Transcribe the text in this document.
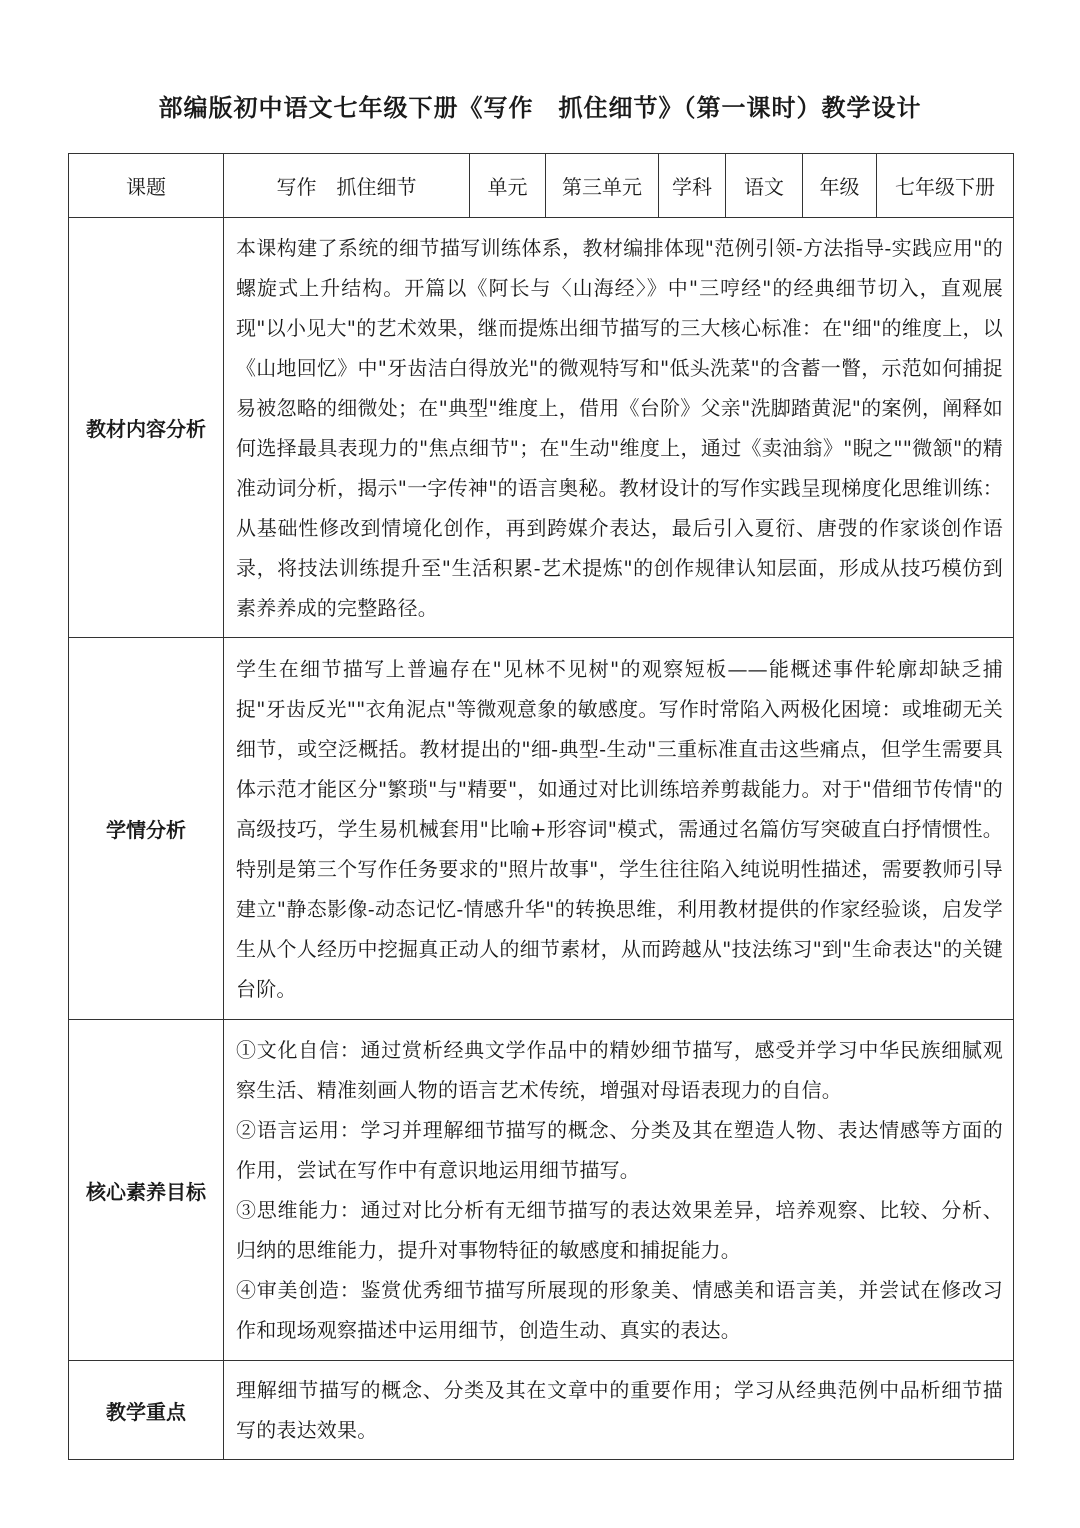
部编版初中语文七年级下册《写作　抓住细节》（第一课时）教学设计
课题	写作　抓住细节	单元	第三单元	学科	语文	年级	七年级下册
教材内容分析	本课构建了系统的细节描写训练体系，教材编排体现"范例引领-方法指导-实践应用"的螺旋式上升结构。开篇以《阿长与〈山海经〉》中"三哼经"的经典细节切入，直观展现"以小见大"的艺术效果，继而提炼出细节描写的三大核心标准：在"细"的维度上，以《山地回忆》中"牙齿洁白得放光"的微观特写和"低头洗菜"的含蓄一瞥，示范如何捕捉易被忽略的细微处；在"典型"维度上，借用《台阶》父亲"洗脚踏黄泥"的案例，阐释如何选择最具表现力的"焦点细节"；在"生动"维度上，通过《卖油翁》"睨之""微颔"的精准动词分析，揭示"一字传神"的语言奥秘。教材设计的写作实践呈现梯度化思维训练：从基础性修改到情境化创作，再到跨媒介表达，最后引入夏衍、唐弢的作家谈创作语录，将技法训练提升至"生活积累-艺术提炼"的创作规律认知层面，形成从技巧模仿到素养养成的完整路径。						

学情分析	学生在细节描写上普遍存在"见林不见树"的观察短板——能概述事件轮廓却缺乏捕捉"牙齿反光""衣角泥点"等微观意象的敏感度。写作时常陷入两极化困境：或堆砌无关细节，或空泛概括。教材提出的"细-典型-生动"三重标准直击这些痛点，但学生需要具体示范才能区分"繁琐"与"精要"，如通过对比训练培养剪裁能力。对于"借细节传情"的高级技巧，学生易机械套用"比喻+形容词"模式，需通过名篇仿写突破直白抒情惯性。特别是第三个写作任务要求的"照片故事"，学生往往陷入纯说明性描述，需要教师引导建立"静态影像-动态记忆-情感升华"的转换思维，利用教材提供的作家经验谈，启发学生从个人经历中挖掘真正动人的细节素材，从而跨越从"技法练习"到"生命表达"的关键台阶。						

核心素养目标	①文化自信：通过赏析经典文学作品中的精妙细节描写，感受并学习中华民族细腻观察生活、精准刻画人物的语言艺术传统，增强对母语表现力的自信。

②语言运用：学习并理解细节描写的概念、分类及其在塑造人物、表达情感等方面的作用，尝试在写作中有意识地运用细节描写。

③思维能力：通过对比分析有无细节描写的表达效果差异，培养观察、比较、分析、归纳的思维能力，提升对事物特征的敏感度和捕捉能力。

④审美创造：鉴赏优秀细节描写所展现的形象美、情感美和语言美，并尝试在修改习作和现场观察描述中运用细节，创造生动、真实的表达。						

教学重点	理解细节描写的概念、分类及其在文章中的重要作用；学习从经典范例中品析细节描写的表达效果。						
